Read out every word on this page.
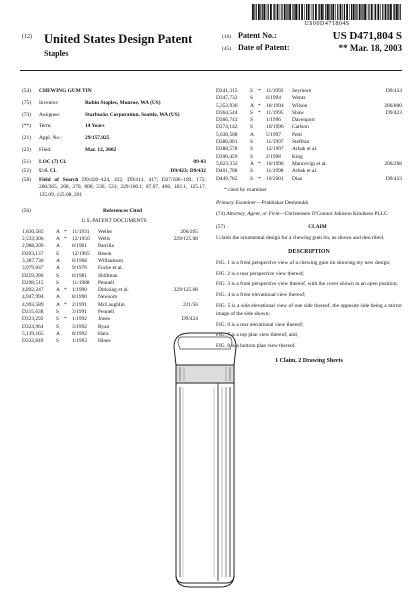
US00D471804S
(12) United States Design Patent
Staples
(10) Patent No.:	US D471,804 S
(45) Date of Patent:	** Mar. 18, 2003
(54)	CHEWING GUM TIN
(75)	Inventor:	Robin Staples, Monroe, WA (US)
(73)	Assignee:	Starbucks Corporation, Seattle, WA (US)
(**)	Term:	14 Years
(21)	Appl. No.:	29/157,025
(22)	Filed:	Mar. 12, 2002
(51)	LOC (7) Cl.	09-03
(52)	U.S. Cl.	D9/423; D9/432
(58)	Field of Search D9/420–424, 432, D9/414, 417; D27/186–189, 172; 206/265, 268, 270, 800; 530, 533; 229/160.1, 87.07, 406, 182.1, 125.17, 125.09, 125.08, 201
(56)	References Cited
U.S. PATENT DOCUMENTS
1,830,585	A * 11/1931	Weller	206/265
2,533,306	A * 12/1950	Wells	229/125.08
2,988,209	A	6/1961	Parrilla
D203,137	S	12/1965	Beson
3,387,736	A	6/1968	Williamson
3,979,047	A	9/1976	Focke et al.
D259,396	S	6/1981	Shillman
D298,515	S	11/1988	Pennell
4,892,247	A * 1/1990	Dirksing et al.	229/125.08
4,947,994	A	8/1990	Newsom
4,993,589	A * 2/1991	McLaughlin	221/56
D315,638	S	3/1991	Pennell
D323,292	S * 1/1992	Jones	D9/424
D324,964	S	3/1992	Ryan
5,139,165	A	8/1992	Hara
D332,849	S	1/1993	Hines
D341,315	S * 11/1993	Seymore	D9/424
D347,732	S	6/1994	Wentz
5,353,936	A * 10/1994	Wilson	206/800
D364,544	S * 11/1995	Shaw	D9/423
D366,743	S	1/1996	Davenport
D374,142	S	10/1996	Carlson
5,630,508	A	5/1997	Petti
D386,001	S	11/1997	Steffran
D388,578	S	12/1997	Arbak et al.
D390,459	S	2/1998	King
5,823,332	A * 10/1998	Mancevigi et al.	206/268
D401,708	S	11/1998	Arbak et al.
D449,782	S * 10/2001	Diaz	D9/423
* cited by examiner
Primary Examiner—Prabhakar Deshmukh
(74) Attorney, Agent, or Firm—Christensen O'Connor Johnson Kindness PLLC
(57)	CLAIM
I claim the ornamental design for a chewing gum tin, as shown and described.
DESCRIPTION
FIG. 1 is a front perspective view of a chewing gum tin showing my new design;
FIG. 2 is a rear perspective view thereof;
FIG. 3 is a front perspective view thereof, with the cover shown in an open position;
FIG. 4 is a front elevational view thereof;
FIG. 5 is a side elevational view of one side thereof, the opposite side being a mirror image of the side shown;
FIG. 6 is a rear elevational view thereof;
FIG. 7 is a top plan view thereof; and,
FIG. 8 is a bottom plan view thereof.
1 Claim, 2 Drawing Sheets
